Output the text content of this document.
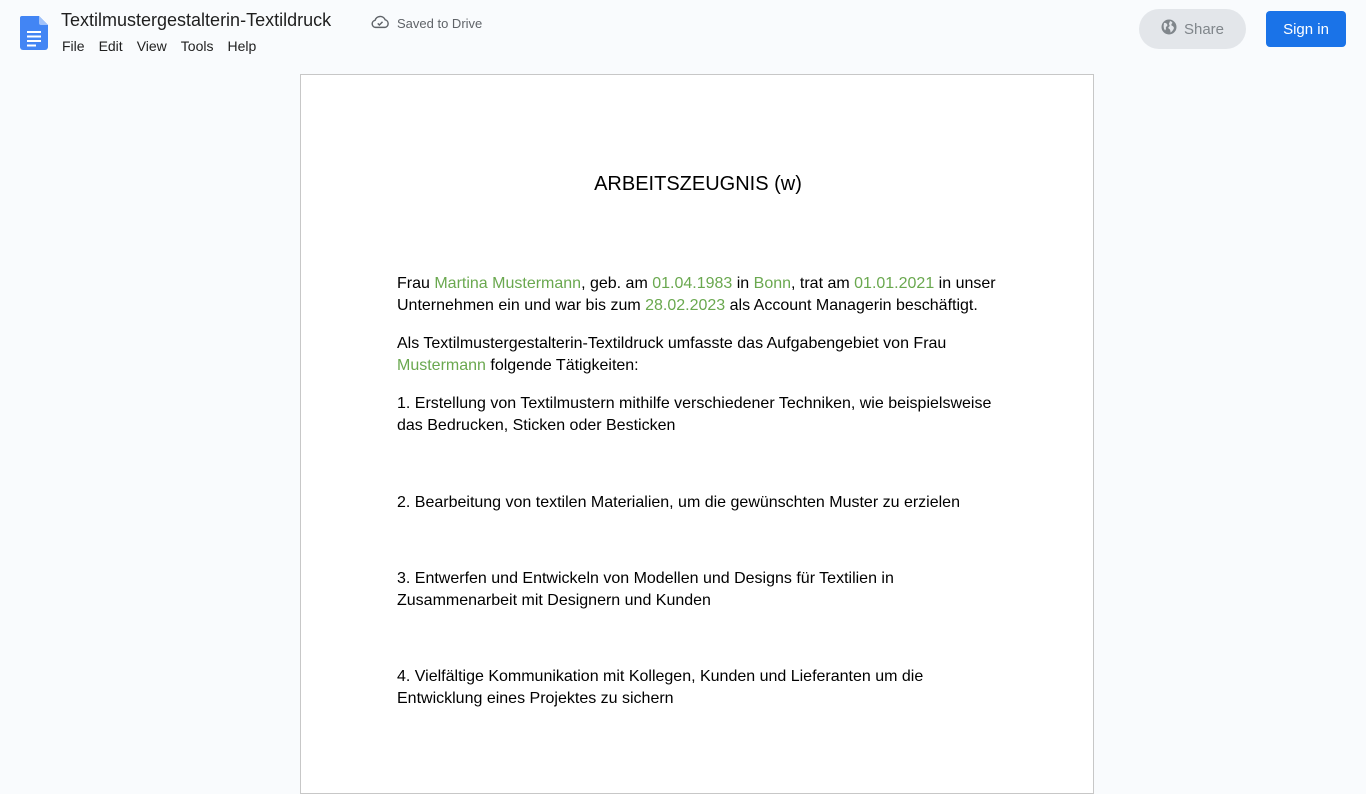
Textilmustergestalterin-Textildruck	Saved to Drive
File	Edit	View	Tools	Help
Share	Sign in
ARBEITSZEUGNIS (w)
Frau Martina Mustermann, geb. am 01.04.1983 in Bonn, trat am 01.01.2021 in unser Unternehmen ein und war bis zum 28.02.2023 als Account Managerin beschäftigt.
Als Textilmustergestalterin-Textildruck umfasste das Aufgabengebiet von Frau Mustermann folgende Tätigkeiten:
1. Erstellung von Textilmustern mithilfe verschiedener Techniken, wie beispielsweise das Bedrucken, Sticken oder Besticken
2. Bearbeitung von textilen Materialien, um die gewünschten Muster zu erzielen
3. Entwerfen und Entwickeln von Modellen und Designs für Textilien in Zusammenarbeit mit Designern und Kunden
4. Vielfältige Kommunikation mit Kollegen, Kunden und Lieferanten um die Entwicklung eines Projektes zu sichern
